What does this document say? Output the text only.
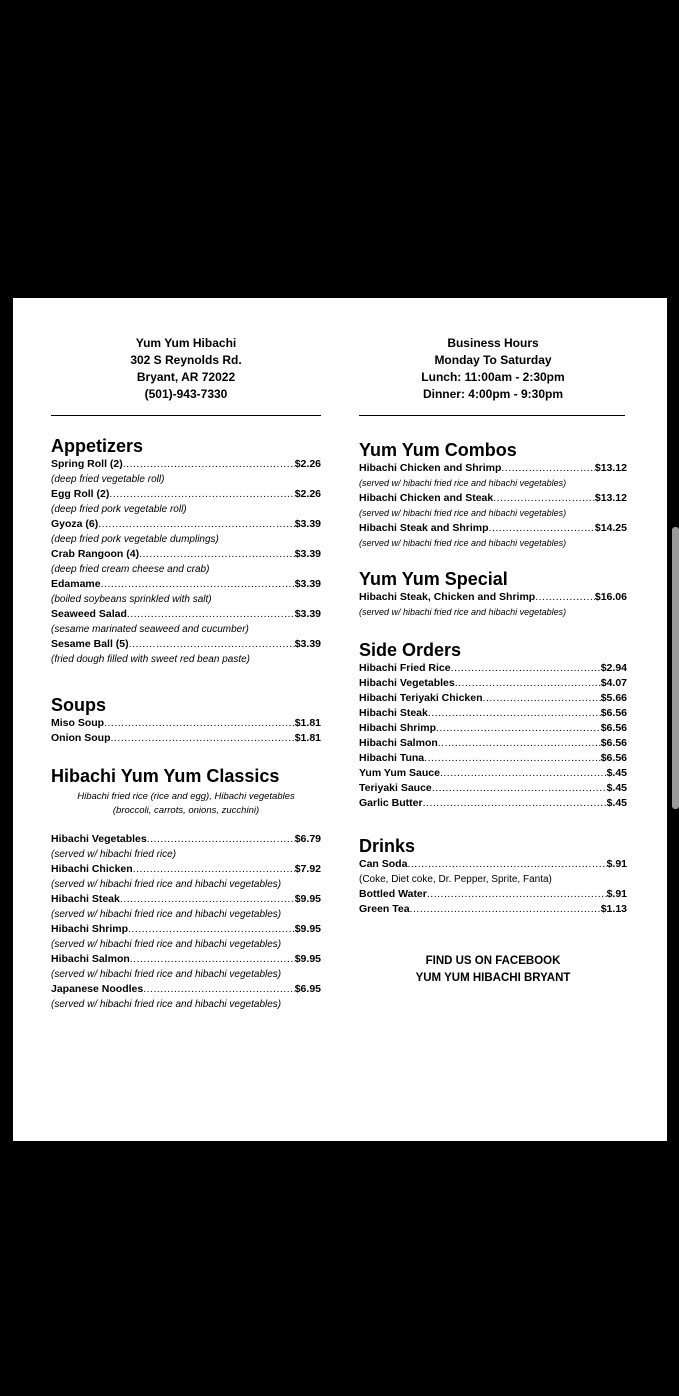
Yum Yum Hibachi
302 S Reynolds Rd.
Bryant, AR 72022
(501)-943-7330
Appetizers
Spring Roll (2) .....	$2.26
(deep fried vegetable roll)
Egg Roll (2) .....	$2.26
(deep fried pork vegetable roll)
Gyoza (6) .....	$3.39
(deep fried pork vegetable dumplings)
Crab Rangoon (4) .....	$3.39
(deep fried cream cheese and crab)
Edamame .....	$3.39
(boiled soybeans sprinkled with salt)
Seaweed Salad .....	$3.39
(sesame marinated seaweed and cucumber)
Sesame Ball (5) .....	$3.39
(fried dough filled with sweet red bean paste)
Soups
Miso Soup .....	$1.81
Onion Soup .....	$1.81
Hibachi Yum Yum Classics
Hibachi fried rice (rice and egg), Hibachi vegetables
(broccoli, carrots, onions, zucchini)
Hibachi Vegetables .....	$6.79
(served w/ hibachi fried rice)
Hibachi Chicken .....	$7.92
(served w/ hibachi fried rice and hibachi vegetables)
Hibachi Steak .....	$9.95
(served w/ hibachi fried rice and hibachi vegetables)
Hibachi Shrimp .....	$9.95
(served w/ hibachi fried rice and hibachi vegetables)
Hibachi Salmon .....	$9.95
(served w/ hibachi fried rice and hibachi vegetables)
Japanese Noodles .....	$6.95
(served w/ hibachi fried rice and hibachi vegetables)
Business Hours
Monday To Saturday
Lunch: 11:00am - 2:30pm
Dinner: 4:00pm - 9:30pm
Yum Yum Combos
Hibachi Chicken and Shrimp .....	$13.12
(served w/ hibachi fried rice and hibachi vegetables)
Hibachi Chicken and Steak .....	$13.12
(served w/ hibachi fried rice and hibachi vegetables)
Hibachi Steak and Shrimp .....	$14.25
(served w/ hibachi fried rice and hibachi vegetables)
Yum Yum Special
Hibachi Steak, Chicken and Shrimp .....	$16.06
(served w/ hibachi fried rice and hibachi vegetables)
Side Orders
Hibachi Fried Rice .....	$2.94
Hibachi Vegetables .....	$4.07
Hibachi Teriyaki Chicken .....	$5.66
Hibachi Steak .....	$6.56
Hibachi Shrimp .....	$6.56
Hibachi Salmon .....	$6.56
Hibachi Tuna .....	$6.56
Yum Yum Sauce .....	$.45
Teriyaki Sauce .....	$.45
Garlic Butter .....	$.45
Drinks
Can Soda .....	$.91
(Coke, Diet coke, Dr. Pepper, Sprite, Fanta)
Bottled Water .....	$.91
Green Tea .....	$1.13
FIND US ON FACEBOOK
YUM YUM HIBACHI BRYANT
